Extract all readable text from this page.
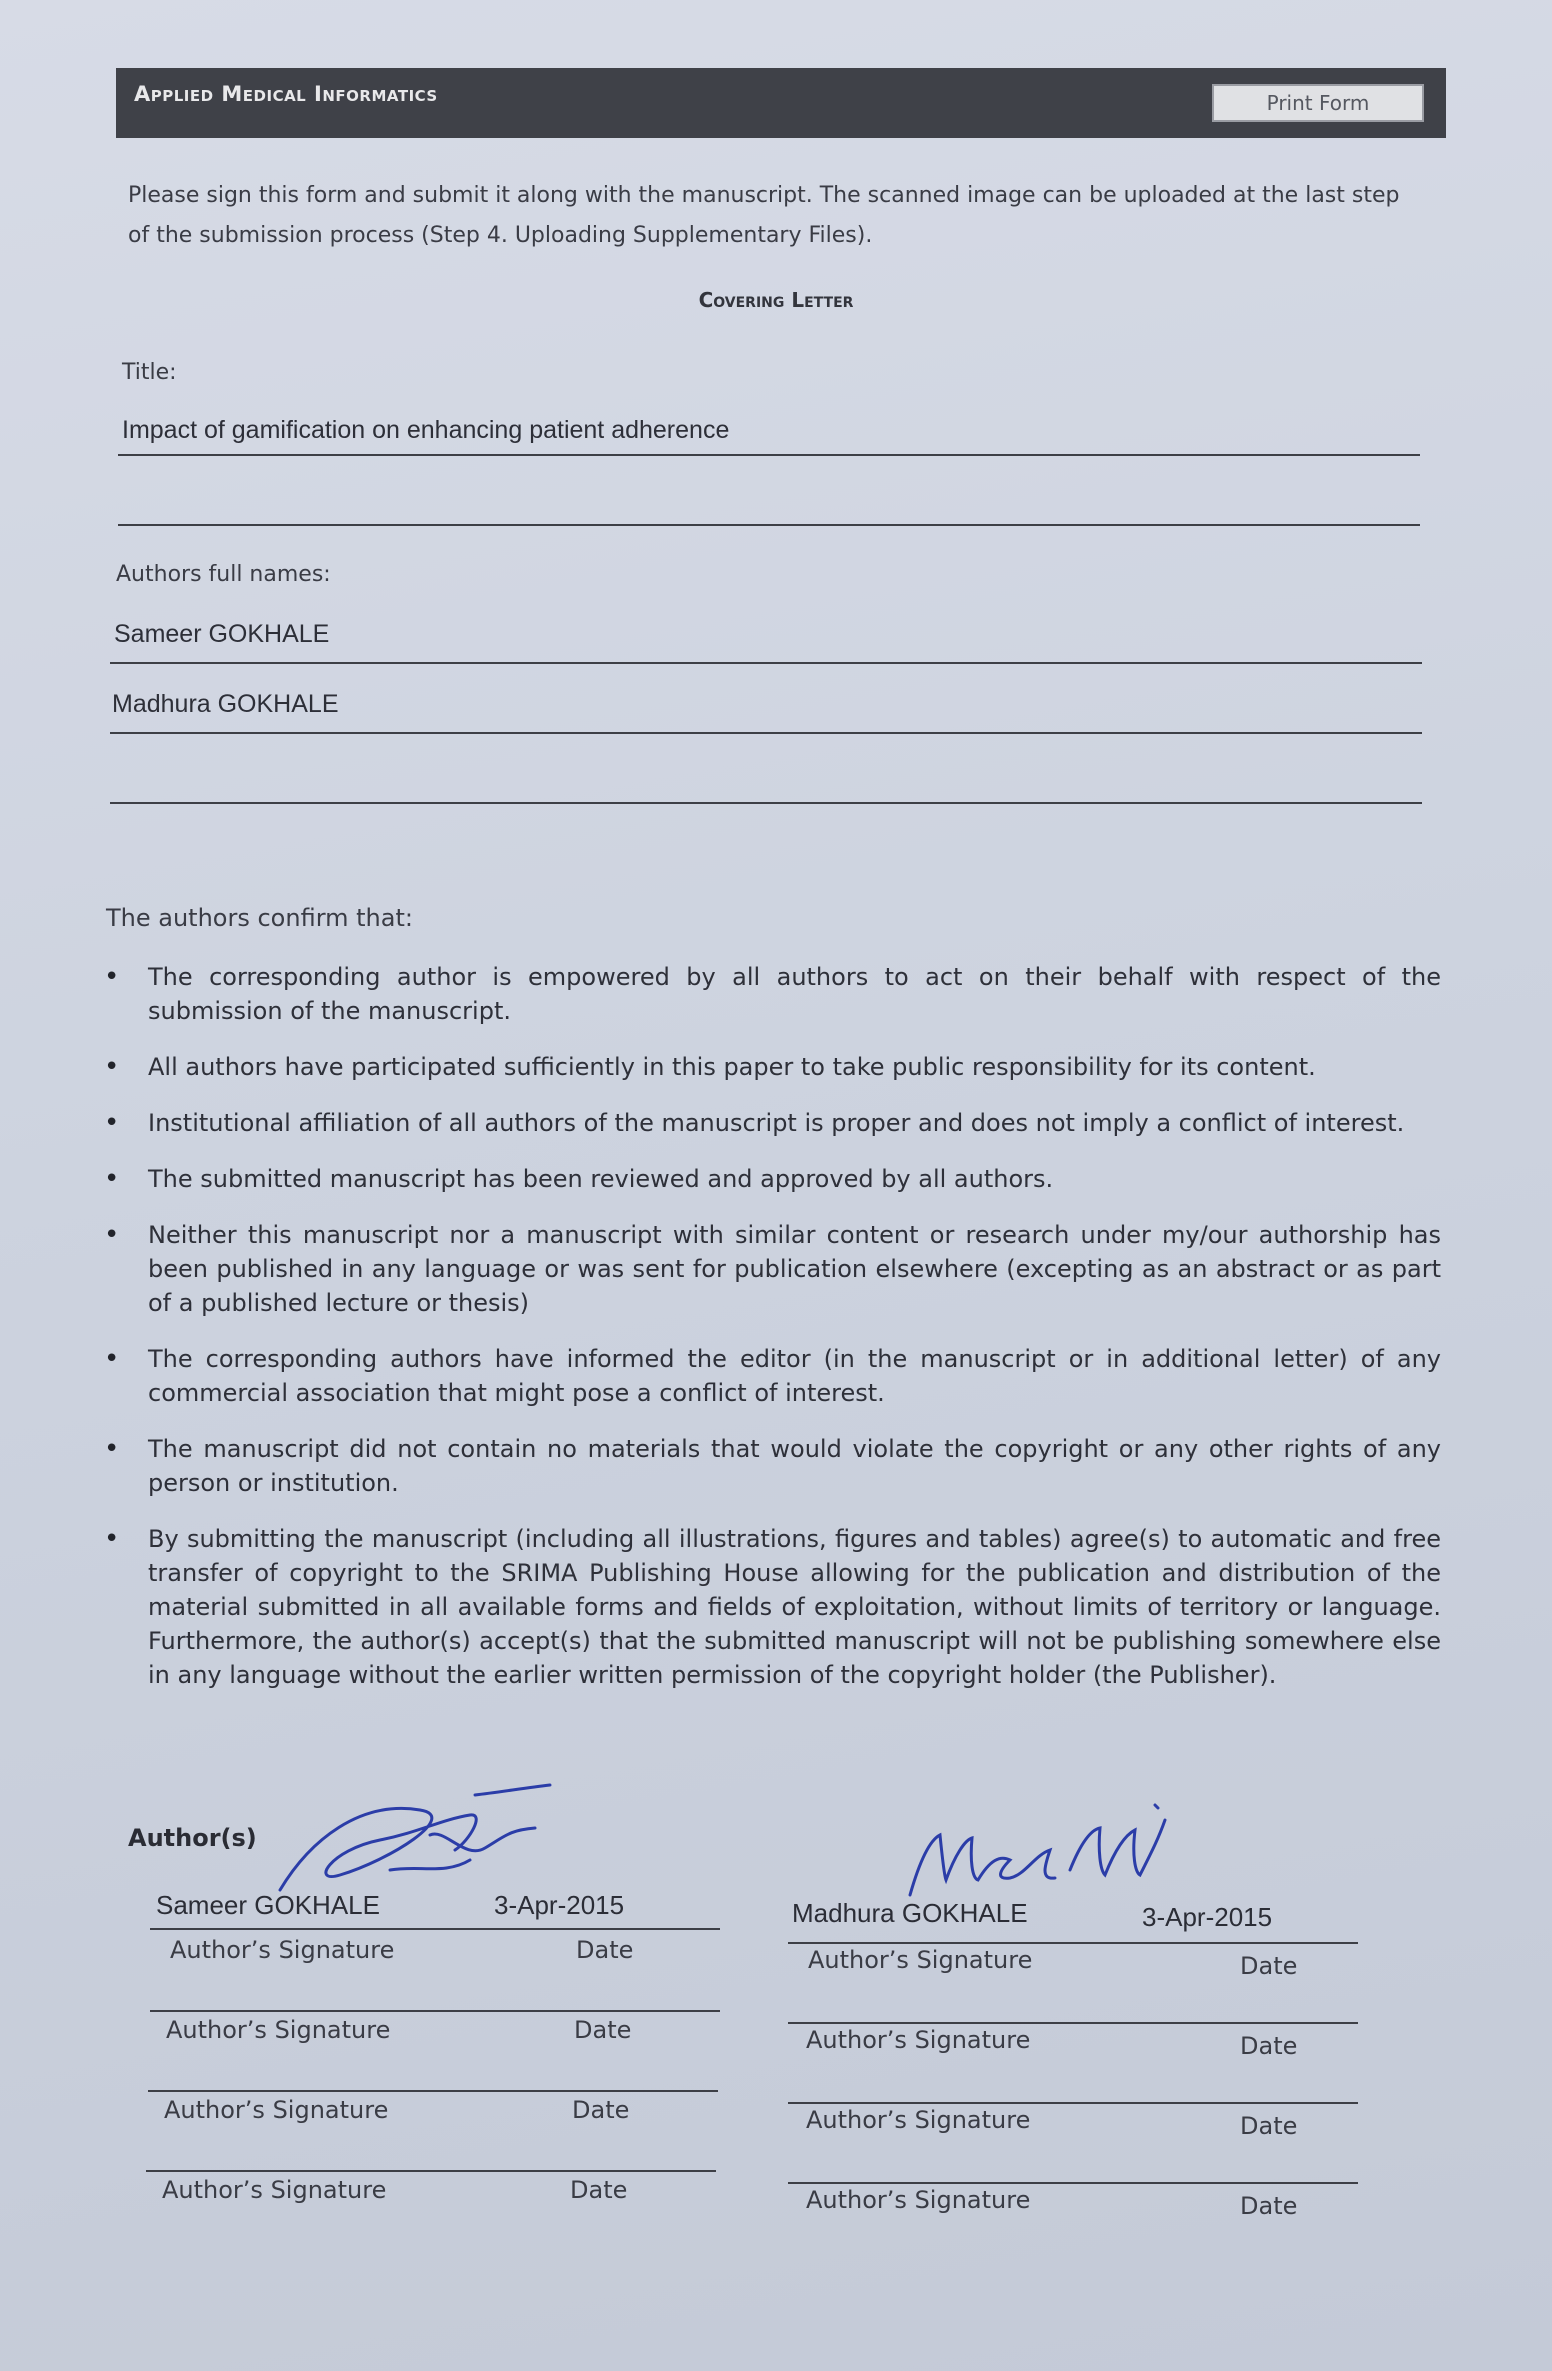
Applied Medical Informatics	Print Form
Please sign this form and submit it along with the manuscript. The scanned image can be uploaded at the last step of the submission process (Step 4. Uploading Supplementary Files).
Covering Letter
Title:
Impact of gamification on enhancing patient adherence
Authors full names:
Sameer GOKHALE
Madhura GOKHALE
The authors confirm that:
• The corresponding author is empowered by all authors to act on their behalf with respect of the submission of the manuscript.
• All authors have participated sufficiently in this paper to take public responsibility for its content.
• Institutional affiliation of all authors of the manuscript is proper and does not imply a conflict of interest.
• The submitted manuscript has been reviewed and approved by all authors.
• Neither this manuscript nor a manuscript with similar content or research under my/our authorship has been published in any language or was sent for publication elsewhere (excepting as an abstract or as part of a published lecture or thesis)
• The corresponding authors have informed the editor (in the manuscript or in additional letter) of any commercial association that might pose a conflict of interest.
• The manuscript did not contain no materials that would violate the copyright or any other rights of any person or institution.
• By submitting the manuscript (including all illustrations, figures and tables) agree(s) to automatic and free transfer of copyright to the SRIMA Publishing House allowing for the publication and distribution of the material submitted in all available forms and fields of exploitation, without limits of territory or language. Furthermore, the author(s) accept(s) that the submitted manuscript will not be publishing somewhere else in any language without the earlier written permission of the copyright holder (the Publisher).
Author(s)
Sameer GOKHALE	3-Apr-2015
Author’s Signature	Date
Author’s Signature	Date
Author’s Signature	Date
Author’s Signature	Date
Madhura GOKHALE	3-Apr-2015
Author’s Signature	Date
Author’s Signature	Date
Author’s Signature	Date
Author’s Signature	Date
